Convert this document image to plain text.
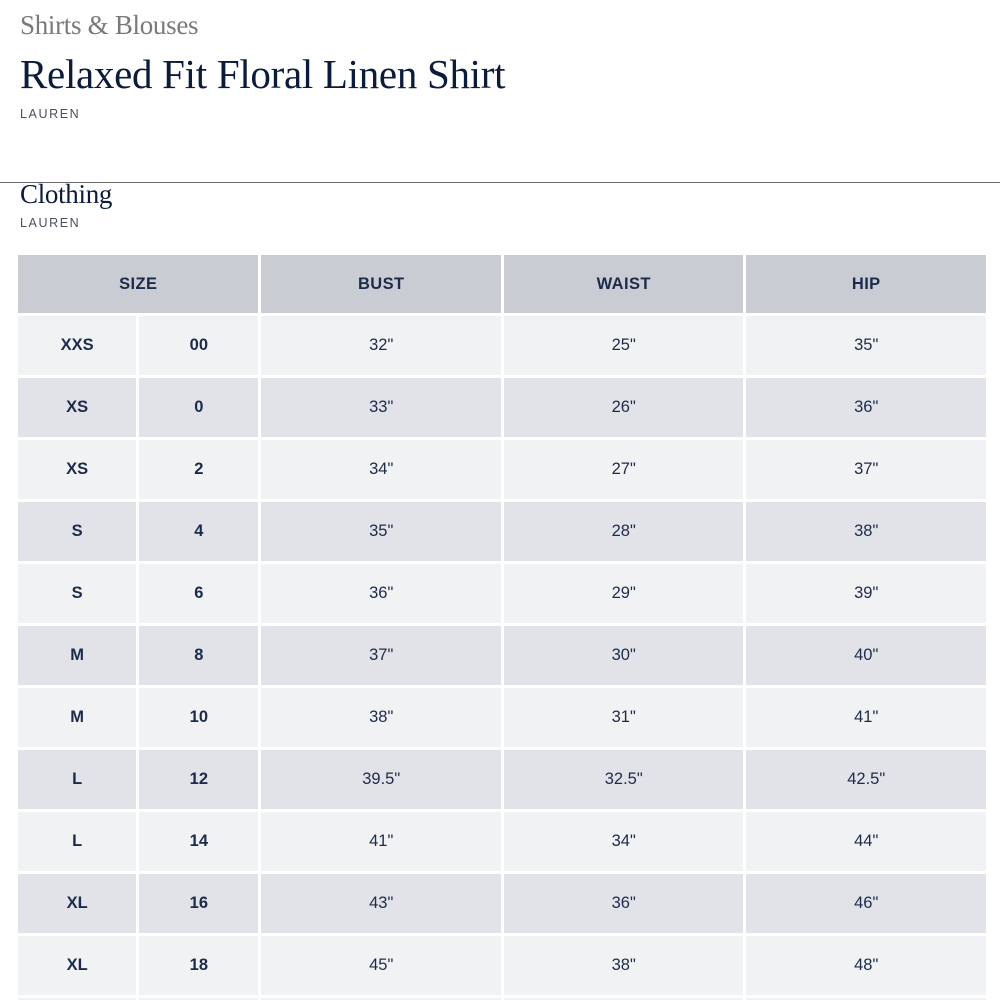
Shirts & Blouses
Relaxed Fit Floral Linen Shirt
LAUREN
Clothing
LAUREN
SIZE		BUST	WAIST	HIP
XXS	00	32"	25"	35"
XS	0	33"	26"	36"
XS	2	34"	27"	37"
S	4	35"	28"	38"
S	6	36"	29"	39"
M	8	37"	30"	40"
M	10	38"	31"	41"
L	12	39.5"	32.5"	42.5"
L	14	41"	34"	44"
XL	16	43"	36"	46"
XL	18	45"	38"	48"
